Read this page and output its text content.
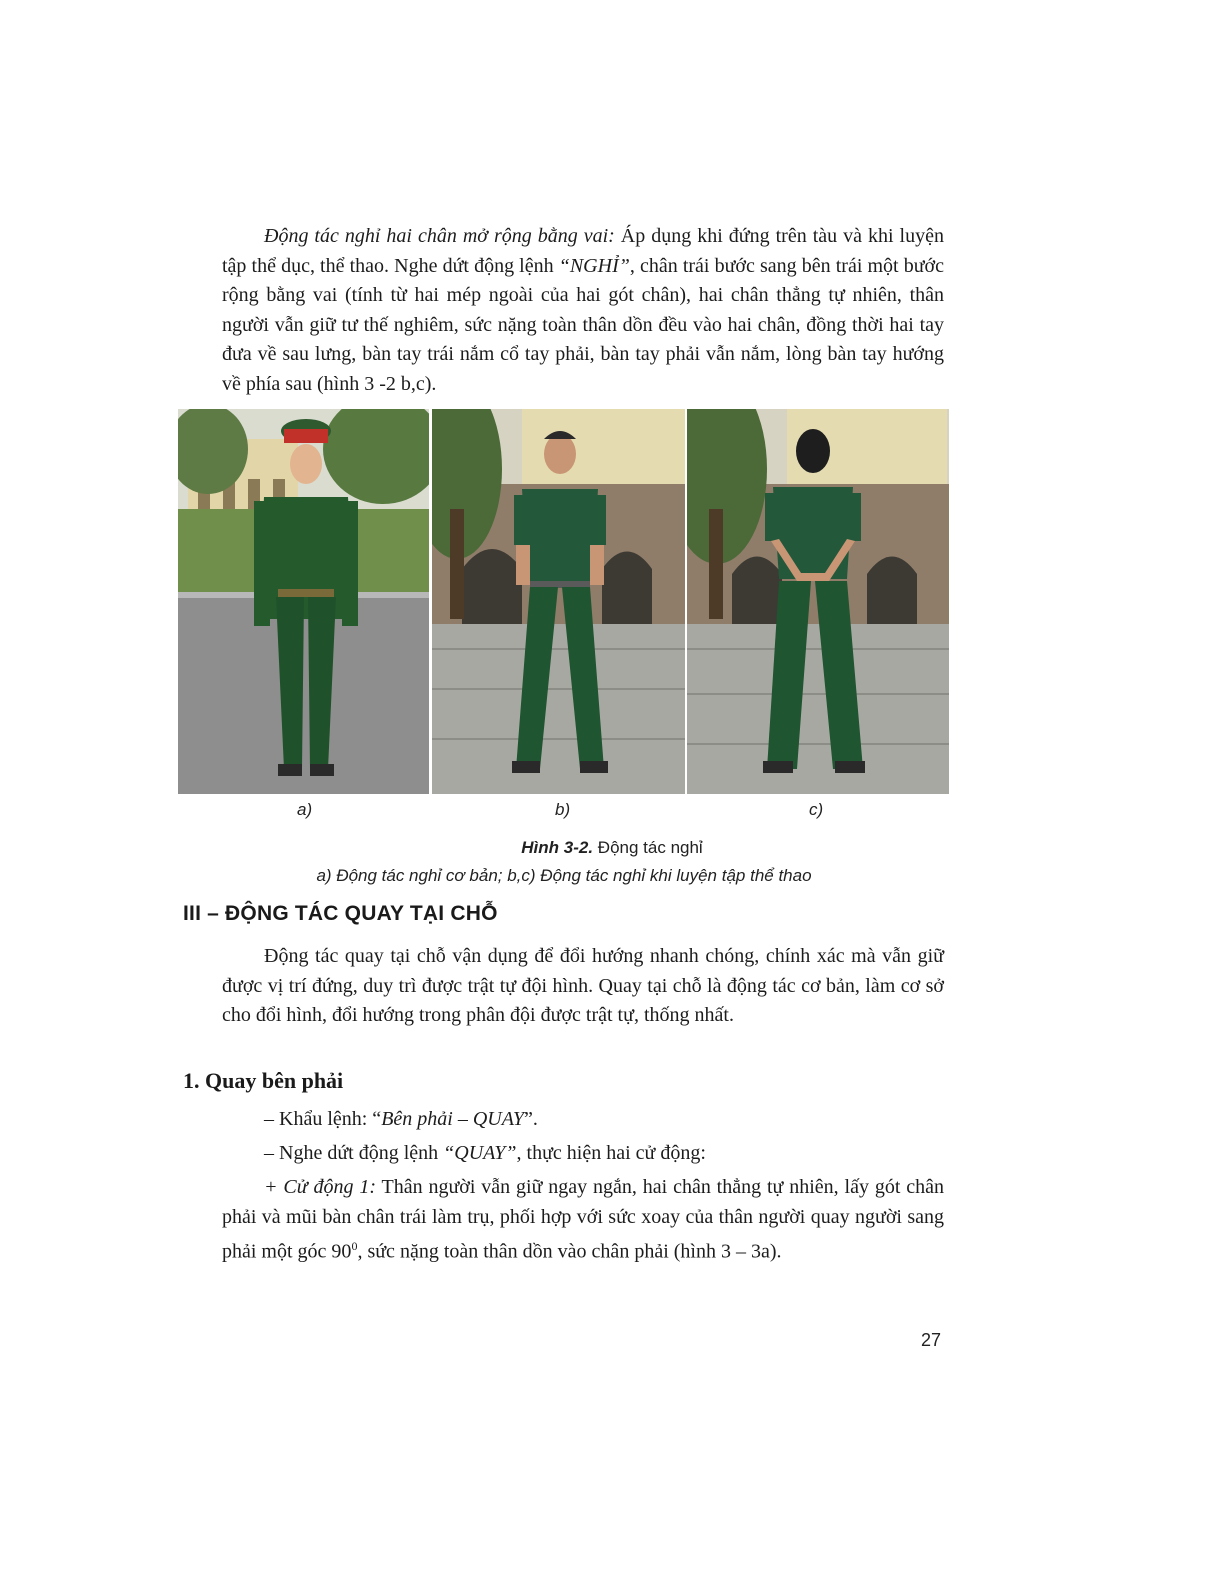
Động tác nghỉ hai chân mở rộng bằng vai: Áp dụng khi đứng trên tàu và khi luyện tập thể dục, thể thao. Nghe dứt động lệnh “NGHỈ”, chân trái bước sang bên trái một bước rộng bằng vai (tính từ hai mép ngoài của hai gót chân), hai chân thẳng tự nhiên, thân người vẫn giữ tư thế nghiêm, sức nặng toàn thân dồn đều vào hai chân, đồng thời hai tay đưa về sau lưng, bàn tay trái nắm cổ tay phải, bàn tay phải vẫn nắm, lòng bàn tay hướng về phía sau (hình 3 -2 b,c).

a)	b)	c)
Hình 3-2. Động tác nghỉ
a) Động tác nghỉ cơ bản; b,c) Động tác nghỉ khi luyện tập thể thao
III – ĐỘNG TÁC QUAY TẠI CHỖ

Động tác quay tại chỗ vận dụng để đổi hướng nhanh chóng, chính xác mà vẫn giữ được vị trí đứng, duy trì được trật tự đội hình. Quay tại chỗ là động tác cơ bản, làm cơ sở cho đổi hình, đổi hướng trong phân đội được trật tự, thống nhất.

1. Quay bên phải
– Khẩu lệnh: “Bên phải – QUAY”.
– Nghe dứt động lệnh “QUAY”, thực hiện hai cử động:

+ Cử động 1: Thân người vẫn giữ ngay ngắn, hai chân thẳng tự nhiên, lấy gót chân phải và mũi bàn chân trái làm trụ, phối hợp với sức xoay của thân người quay người sang phải một góc $90^0$, sức nặng toàn thân dồn vào chân phải (hình 3 – 3a).

27
